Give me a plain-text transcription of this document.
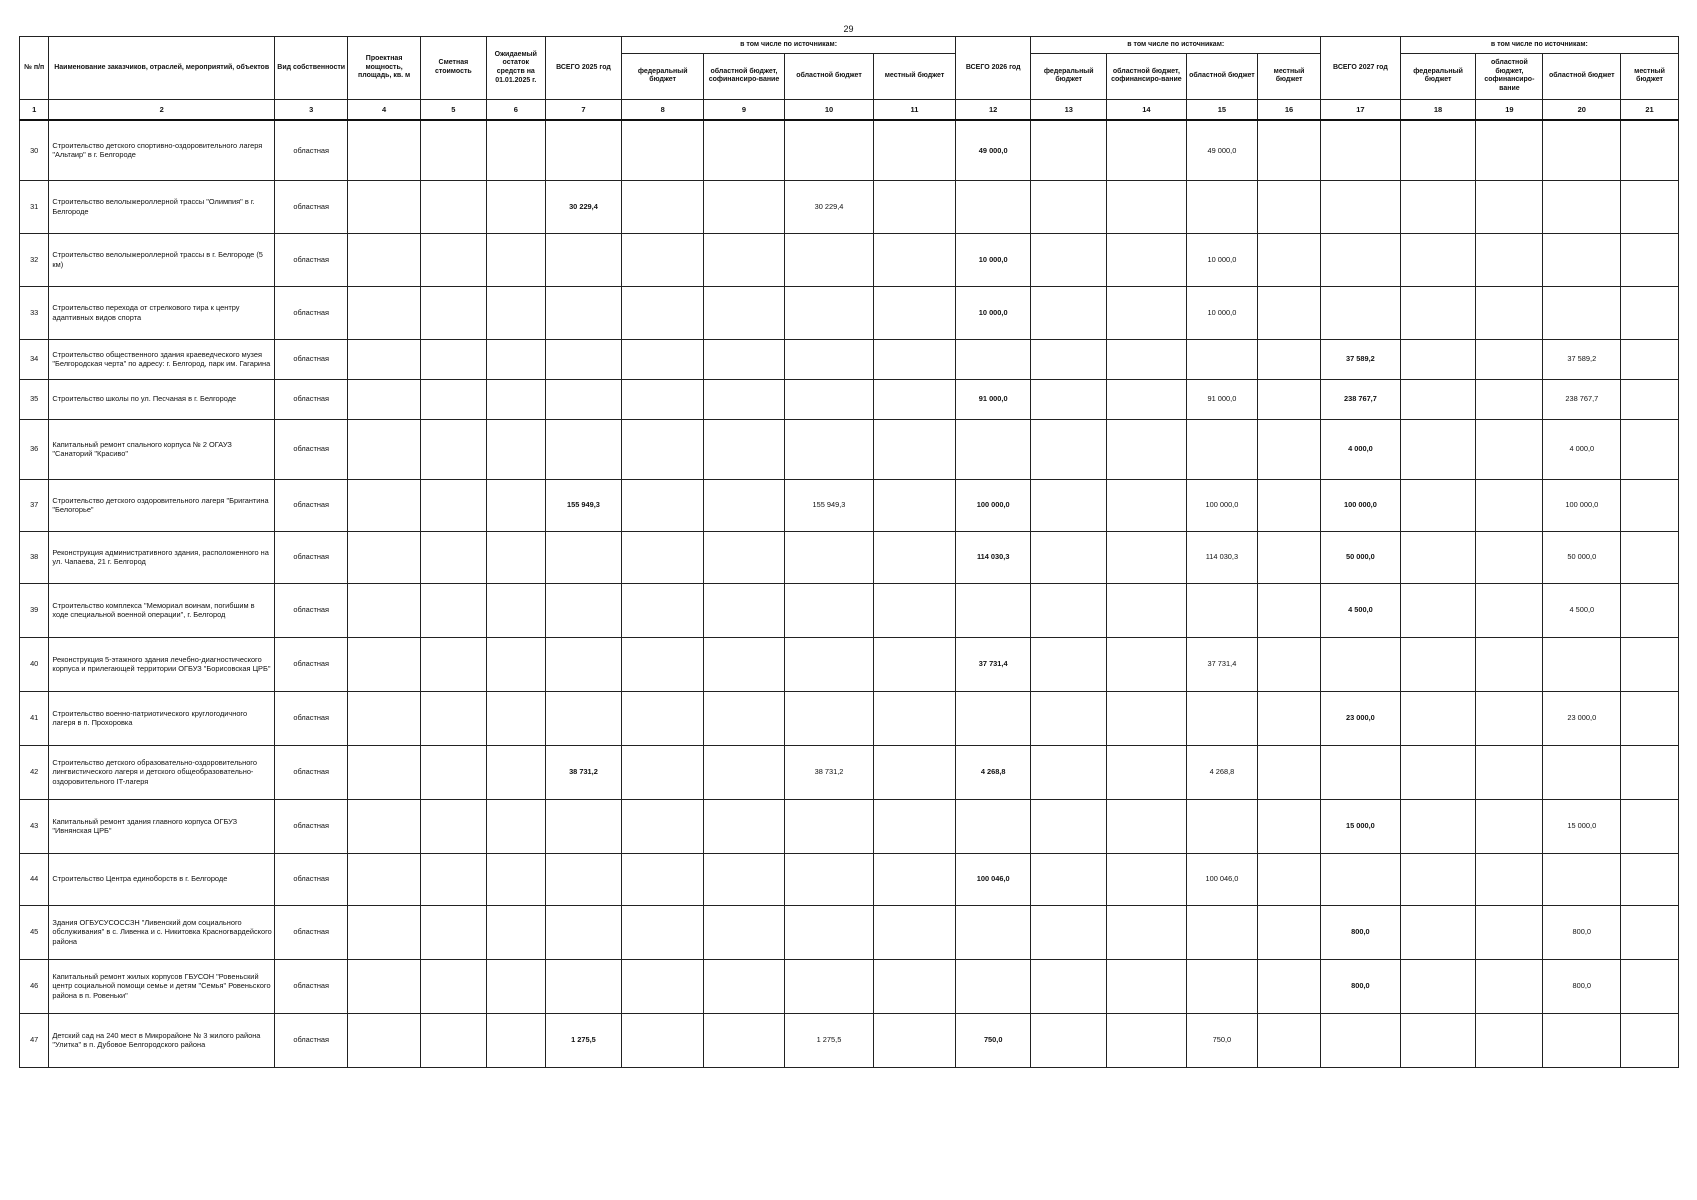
29
№ п/п	Наименование заказчиков, отраслей, мероприятий, объектов	Вид собственности	Проектная мощность, площадь, кв. м	Сметная стоимость	Ожидаемый остаток средств на 01.01.2025 г.	ВСЕГО 2025 год	в том числе по источникам:				ВСЕГО 2026 год	в том числе по источникам:				ВСЕГО 2027 год	в том числе по источникам:			
							федеральный бюджет	областной бюджет, софинансиро-вание	областной бюджет	местный бюджет		федеральный бюджет	областной бюджет, софинансиро-вание	областной бюджет	местный бюджет		федеральный бюджет	областной бюджет, софинансиро-вание	областной бюджет	местный бюджет
1	2	3	4	5	6	7	8	9	10	11	12	13	14	15	16	17	18	19	20	21
30	Строительство детского спортивно-оздоровительного лагеря "Альтаир" в г. Белгороде	областная									49 000,0			49 000,0						
31	Строительство велолыжероллерной трассы "Олимпия" в г. Белгороде	областная				30 229,4			30 229,4											
32	Строительство велолыжероллерной трассы в г. Белгороде (5 км)	областная									10 000,0			10 000,0						
33	Строительство перехода от стрелкового тира к центру адаптивных видов спорта	областная									10 000,0			10 000,0						
34	Строительство общественного здания краеведческого музея "Белгородская черта" по адресу: г. Белгород, парк им. Гагарина	областная														37 589,2			37 589,2	
35	Строительство школы по ул. Песчаная в г. Белгороде	областная									91 000,0			91 000,0		238 767,7			238 767,7	
36	Капитальный ремонт спального корпуса № 2 ОГАУЗ "Санаторий "Красиво"	областная														4 000,0			4 000,0	
37	Строительство детского оздоровительного лагеря "Бригантина "Белогорье"	областная				155 949,3			155 949,3		100 000,0			100 000,0		100 000,0			100 000,0	
38	Реконструкция административного здания, расположенного на ул. Чапаева, 21 г. Белгород	областная									114 030,3			114 030,3		50 000,0			50 000,0	
39	Строительство комплекса "Мемориал воинам, погибшим в ходе специальной военной операции", г. Белгород	областная														4 500,0			4 500,0	
40	Реконструкция 5-этажного здания лечебно-диагностического корпуса и прилегающей территории ОГБУЗ "Борисовская ЦРБ"	областная									37 731,4			37 731,4						
41	Строительство военно-патриотического круглогодичного лагеря в п. Прохоровка	областная														23 000,0			23 000,0	
42	Строительство детского образовательно-оздоровительного лингвистического лагеря и детского общеобразовательно-оздоровительного IT-лагеря	областная				38 731,2			38 731,2		4 268,8			4 268,8						
43	Капитальный ремонт здания главного корпуса ОГБУЗ "Ивнянская ЦРБ"	областная														15 000,0			15 000,0	
44	Строительство Центра единоборств в г. Белгороде	областная									100 046,0			100 046,0						
45	Здания ОГБУСУСОССЗН "Ливенский дом социального обслуживания" в с. Ливенка и с. Никитовка Красногвардейского района	областная														800,0			800,0	
46	Капитальный ремонт жилых корпусов ГБУСОН "Ровеньский центр социальной помощи семье и детям "Семья" Ровеньского района в п. Ровеньки"	областная														800,0			800,0	
47	Детский сад на 240 мест в Микрорайоне № 3 жилого района "Улитка" в п. Дубовое Белгородского района	областная				1 275,5			1 275,5		750,0			750,0						
